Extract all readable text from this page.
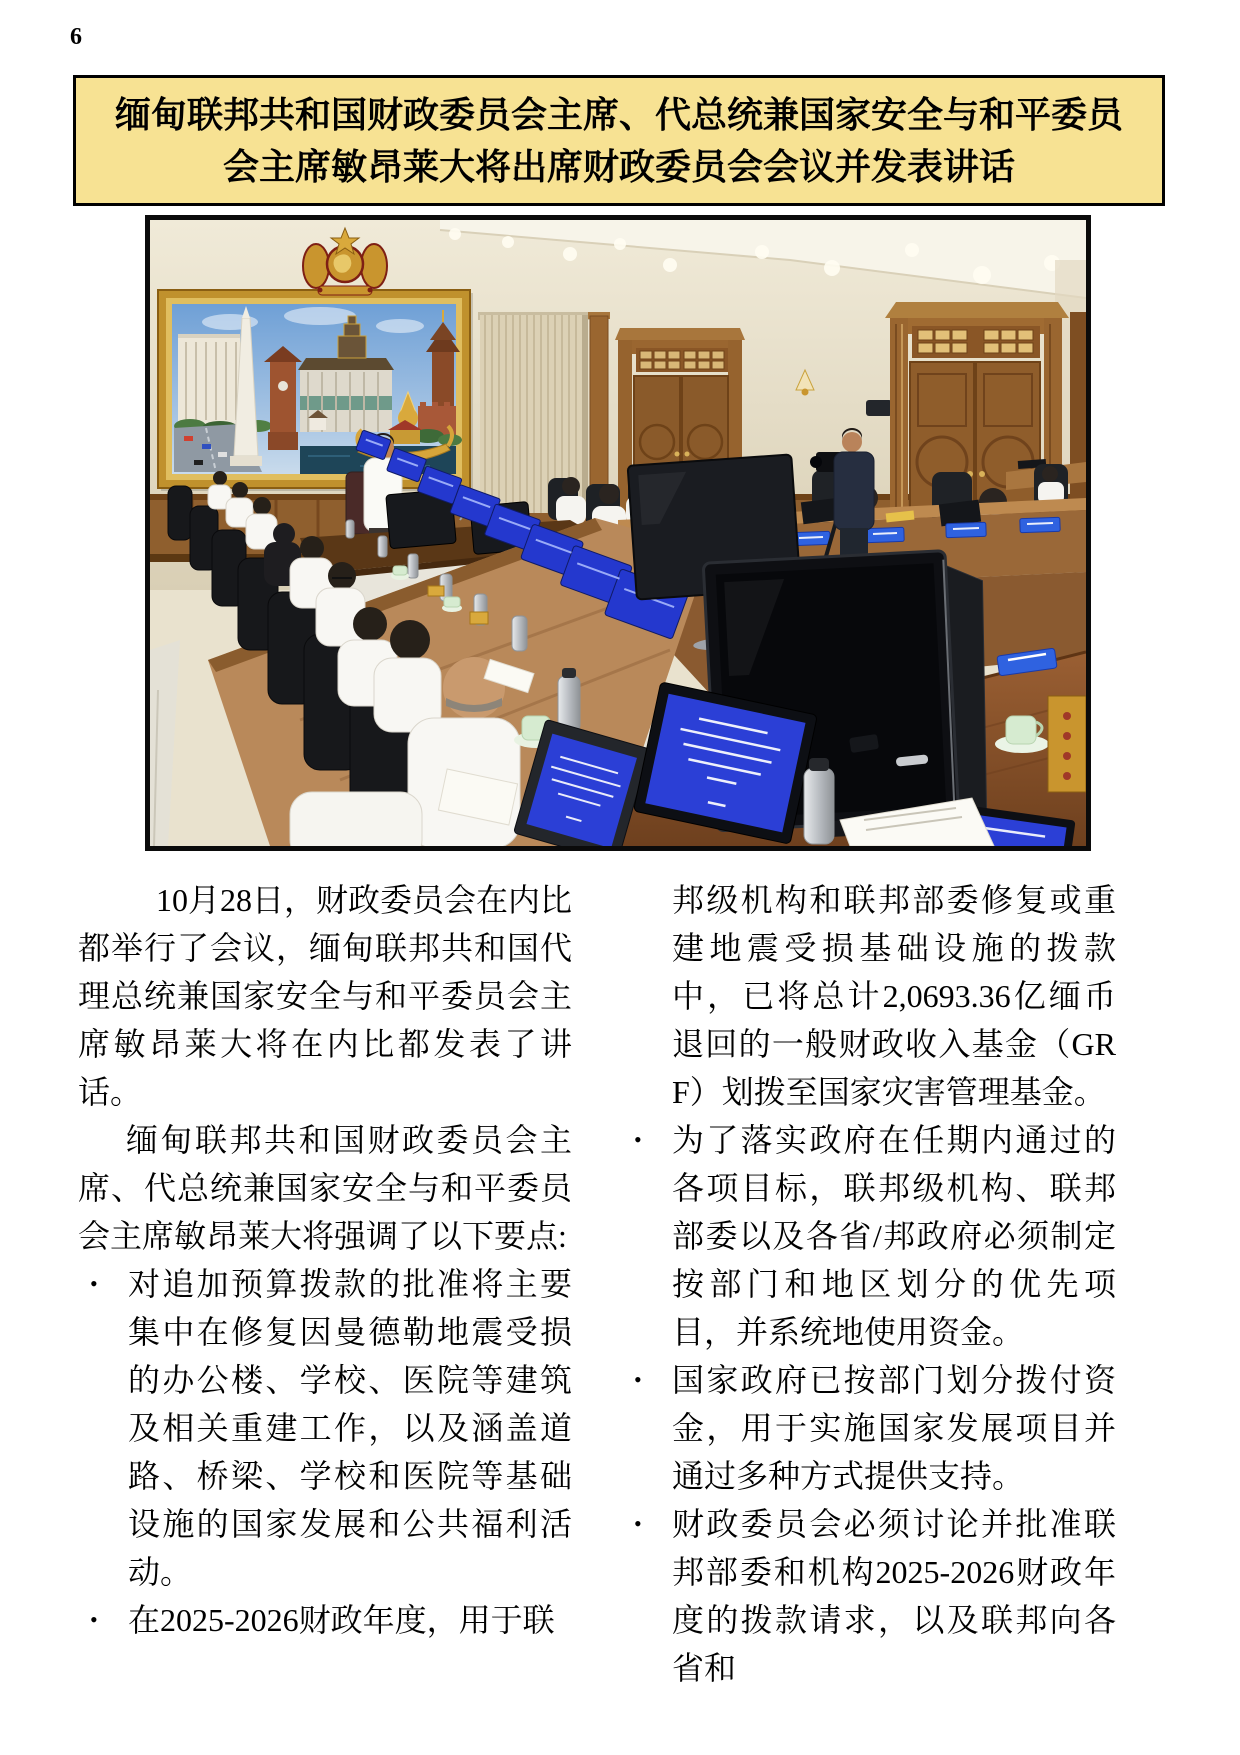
6
缅甸联邦共和国财政委员会主席、代总统兼国家安全与和平委员
会主席敏昂莱大将出席财政委员会会议并发表讲话

10月28日，财政委员会在内比都举行了会议，缅甸联邦共和国代理总统兼国家安全与和平委员会主席敏昂莱大将在内比都发表了讲话。

缅甸联邦共和国财政委员会主席、代总统兼国家安全与和平委员会主席敏昂莱大将强调了以下要点:

• 对追加预算拨款的批准将主要集中在修复因曼德勒地震受损的办公楼、学校、医院等建筑及相关重建工作，以及涵盖道路、桥梁、学校和医院等基础设施的国家发展和公共福利活动。
• 在2025-2026财政年度，用于联
邦级机构和联邦部委修复或重建地震受损基础设施的拨款中，已将总计2,0693.36亿缅币退回的一般财政收入基金（GRF）划拨至国家灾害管理基金。
• 为了落实政府在任期内通过的各项目标，联邦级机构、联邦部委以及各省/邦政府必须制定按部门和地区划分的优先项目，并系统地使用资金。
• 国家政府已按部门划分拨付资金，用于实施国家发展项目并通过多种方式提供支持。
• 财政委员会必须讨论并批准联邦部委和机构2025-2026财政年度的拨款请求，以及联邦向各省和
